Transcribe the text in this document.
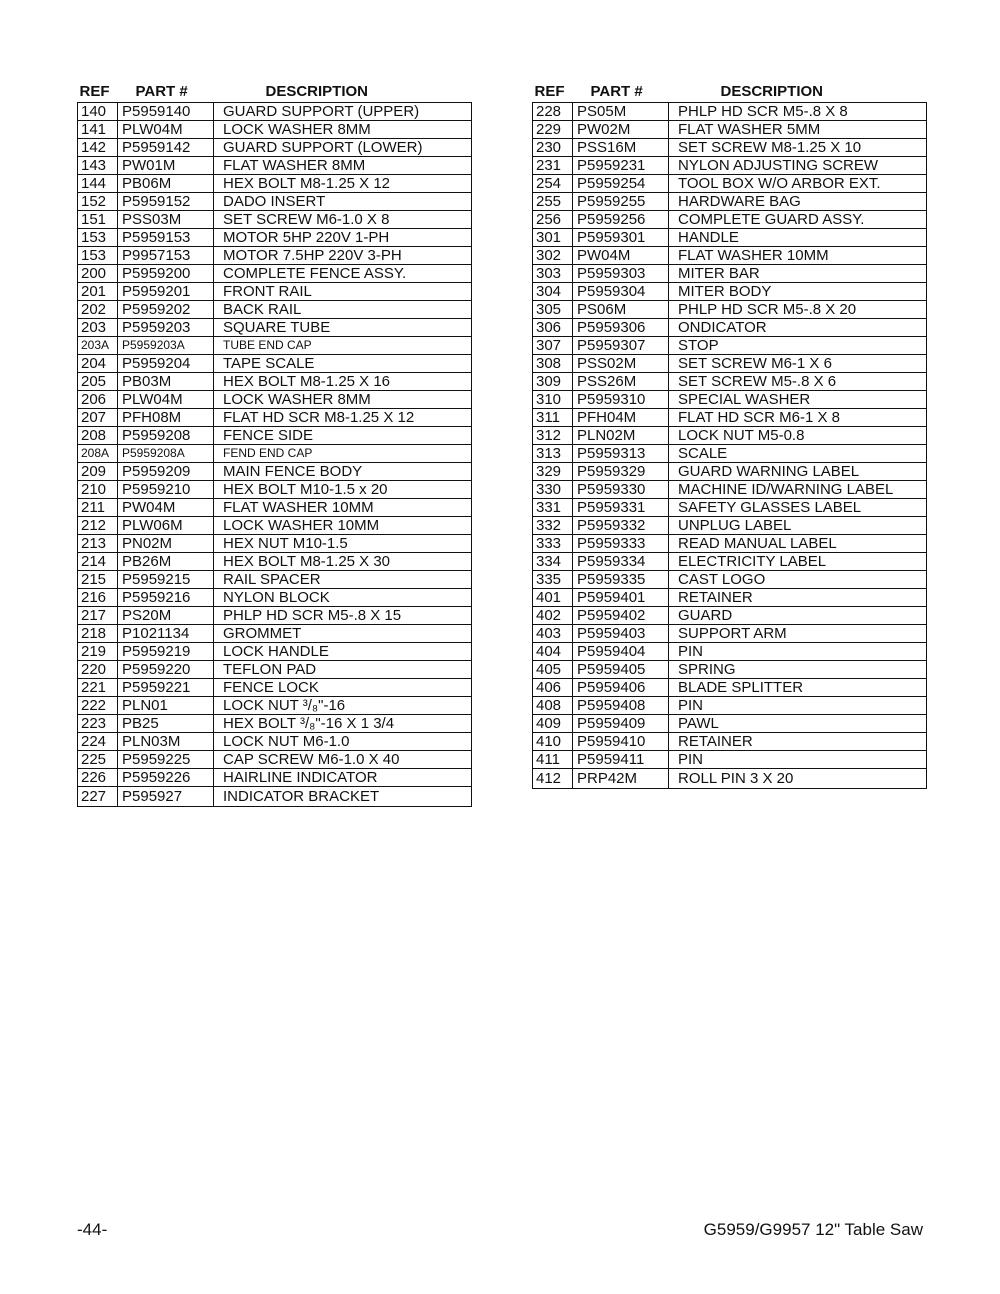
REF	PART #	DESCRIPTION
140	P5959140	GUARD SUPPORT (UPPER)
141	PLW04M	LOCK WASHER 8MM
142	P5959142	GUARD SUPPORT (LOWER)
143	PW01M	FLAT WASHER 8MM
144	PB06M	HEX BOLT M8-1.25 X 12
152	P5959152	DADO INSERT
151	PSS03M	SET SCREW M6-1.0 X 8
153	P5959153	MOTOR 5HP 220V 1-PH
153	P9957153	MOTOR 7.5HP 220V 3-PH
200	P5959200	COMPLETE FENCE ASSY.
201	P5959201	FRONT RAIL
202	P5959202	BACK RAIL
203	P5959203	SQUARE TUBE
203A	P5959203A	TUBE END CAP
204	P5959204	TAPE SCALE
205	PB03M	HEX BOLT M8-1.25 X 16
206	PLW04M	LOCK WASHER 8MM
207	PFH08M	FLAT HD SCR M8-1.25 X 12
208	P5959208	FENCE SIDE
208A	P5959208A	FEND END CAP
209	P5959209	MAIN FENCE BODY
210	P5959210	HEX BOLT M10-1.5 x 20
211	PW04M	FLAT WASHER 10MM
212	PLW06M	LOCK WASHER 10MM
213	PN02M	HEX NUT M10-1.5
214	PB26M	HEX BOLT M8-1.25 X 30
215	P5959215	RAIL SPACER
216	P5959216	NYLON BLOCK
217	PS20M	PHLP HD SCR M5-.8 X 15
218	P1021134	GROMMET
219	P5959219	LOCK HANDLE
220	P5959220	TEFLON PAD
221	P5959221	FENCE LOCK
222	PLN01	LOCK NUT ³/₈"-16
223	PB25	HEX BOLT ³/₈"-16 X 1 3/4
224	PLN03M	LOCK NUT M6-1.0
225	P5959225	CAP SCREW M6-1.0 X 40
226	P5959226	HAIRLINE INDICATOR
227	P595927	INDICATOR BRACKET
REF	PART #	DESCRIPTION
228	PS05M	PHLP HD SCR M5-.8 X 8
229	PW02M	FLAT WASHER 5MM
230	PSS16M	SET SCREW M8-1.25 X 10
231	P5959231	NYLON ADJUSTING SCREW
254	P5959254	TOOL BOX W/O ARBOR EXT.
255	P5959255	HARDWARE BAG
256	P5959256	COMPLETE GUARD ASSY.
301	P5959301	HANDLE
302	PW04M	FLAT WASHER 10MM
303	P5959303	MITER BAR
304	P5959304	MITER BODY
305	PS06M	PHLP HD SCR M5-.8 X 20
306	P5959306	ONDICATOR
307	P5959307	STOP
308	PSS02M	SET SCREW M6-1 X 6
309	PSS26M	SET SCREW M5-.8 X 6
310	P5959310	SPECIAL WASHER
311	PFH04M	FLAT HD SCR M6-1 X 8
312	PLN02M	LOCK NUT M5-0.8
313	P5959313	SCALE
329	P5959329	GUARD WARNING LABEL
330	P5959330	MACHINE ID/WARNING LABEL
331	P5959331	SAFETY GLASSES LABEL
332	P5959332	UNPLUG LABEL
333	P5959333	READ MANUAL LABEL
334	P5959334	ELECTRICITY LABEL
335	P5959335	CAST LOGO
401	P5959401	RETAINER
402	P5959402	GUARD
403	P5959403	SUPPORT ARM
404	P5959404	PIN
405	P5959405	SPRING
406	P5959406	BLADE SPLITTER
408	P5959408	PIN
409	P5959409	PAWL
410	P5959410	RETAINER
411	P5959411	PIN
412	PRP42M	ROLL PIN 3 X 20
-44-	G5959/G9957 12" Table Saw
